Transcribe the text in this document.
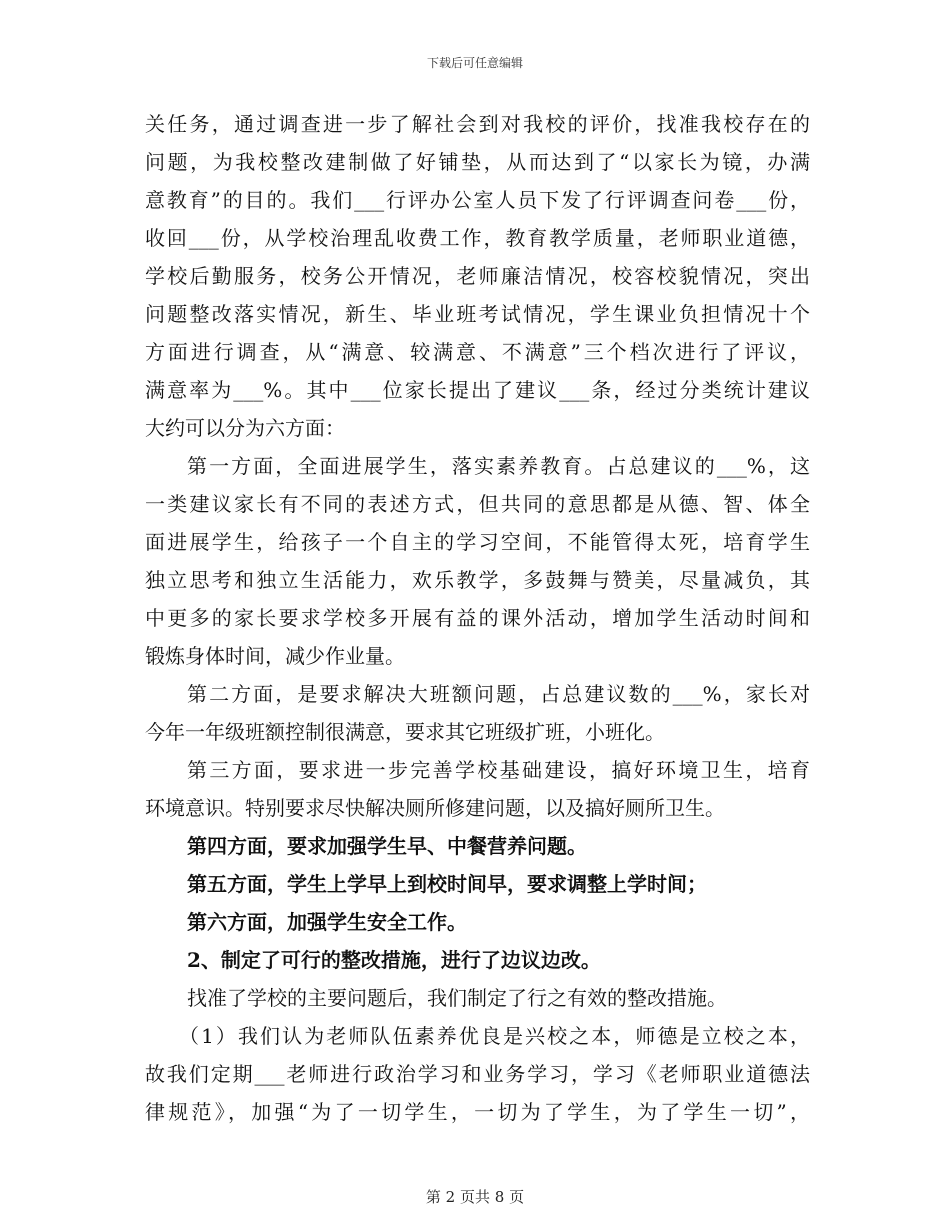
下载后可任意编辑
关任务，通过调查进一步了解社会到对我校的评价，找准我校存在的
问题，为我校整改建制做了好铺垫，从而达到了“以家长为镜，办满
意教育”的目的。我们___行评办公室人员下发了行评调查问卷___份，
收回___份，从学校治理乱收费工作，教育教学质量，老师职业道德，
学校后勤服务，校务公开情况，老师廉洁情况，校容校貌情况，突出
问题整改落实情况，新生、毕业班考试情况，学生课业负担情况十个
方面进行调查，从“满意、较满意、不满意”三个档次进行了评议，
满意率为___%。其中___位家长提出了建议___条，经过分类统计建议
大约可以分为六方面：
第一方面，全面进展学生，落实素养教育。占总建议的___%，这
一类建议家长有不同的表述方式，但共同的意思都是从德、智、体全
面进展学生，给孩子一个自主的学习空间，不能管得太死，培育学生
独立思考和独立生活能力，欢乐教学，多鼓舞与赞美，尽量减负，其
中更多的家长要求学校多开展有益的课外活动，增加学生活动时间和
锻炼身体时间，减少作业量。
第二方面，是要求解决大班额问题，占总建议数的___%，家长对
今年一年级班额控制很满意，要求其它班级扩班，小班化。
第三方面，要求进一步完善学校基础建设，搞好环境卫生，培育
环境意识。特别要求尽快解决厕所修建问题，以及搞好厕所卫生。
第四方面，要求加强学生早、中餐营养问题。
第五方面，学生上学早上到校时间早，要求调整上学时间；
第六方面，加强学生安全工作。
2、制定了可行的整改措施，进行了边议边改。
找准了学校的主要问题后，我们制定了行之有效的整改措施。
（1）我们认为老师队伍素养优良是兴校之本，师德是立校之本，
故我们定期___老师进行政治学习和业务学习，学习《老师职业道德法
律规范》，加强“为了一切学生，一切为了学生，为了学生一切”，
第 2 页共 8 页
